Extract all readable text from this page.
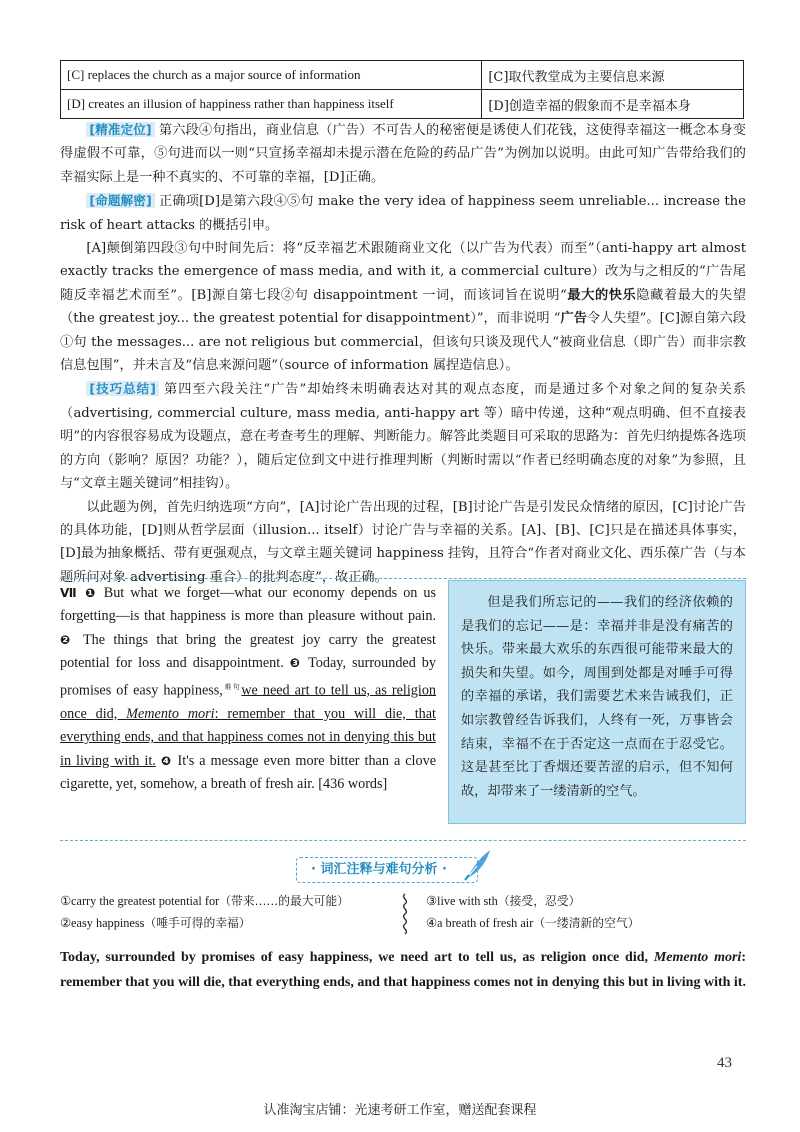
[C] replaces the church as a major source of information	[C]取代教堂成为主要信息来源
[D] creates an illusion of happiness rather than happiness itself	[D]创造幸福的假象而不是幸福本身

[精准定位] 第六段④句指出，商业信息（广告）不可告人的秘密便是诱使人们花钱，这使得幸福这一概念本身变得虚假不可靠，⑤句进而以一则“只宣扬幸福却未提示潜在危险的药品广告”为例加以说明。由此可知广告带给我们的幸福实际上是一种不真实的、不可靠的幸福，[D]正确。

[命题解密] 正确项[D]是第六段④⑤句 make the very idea of happiness seem unreliable... increase the risk of heart attacks 的概括引申。

[A]颠倒第四段③句中时间先后：将“反幸福艺术跟随商业文化（以广告为代表）而至”（anti-happy art almost exactly tracks the emergence of mass media, and with it, a commercial culture）改为与之相反的“广告尾随反幸福艺术而至”。[B]源自第七段②句 disappointment 一词，而该词旨在说明“最大的快乐隐藏着最大的失望（the greatest joy... the greatest potential for disappointment）”，而非说明 “广告令人失望”。[C]源自第六段①句 the messages... are not religious but commercial，但该句只谈及现代人“被商业信息（即广告）而非宗教信息包围”，并未言及“信息来源问题”（source of information 属捏造信息）。

[技巧总结] 第四至六段关注“广告”却始终未明确表达对其的观点态度，而是通过多个对象之间的复杂关系（advertising, commercial culture, mass media, anti-happy art 等）暗中传递，这种“观点明确、但不直接表明”的内容很容易成为设题点，意在考查考生的理解、判断能力。解答此类题目可采取的思路为：首先归纳提炼各选项的方向（影响？原因？功能？），随后定位到文中进行推理判断（判断时需以“作者已经明确态度的对象”为参照，且与“文章主题关键词”相挂钩）。

以此题为例，首先归纳选项“方向”，[A]讨论广告出现的过程，[B]讨论广告是引发民众情绪的原因，[C]讨论广告的具体功能，[D]则从哲学层面（illusion... itself）讨论广告与幸福的关系。[A]、[B]、[C]只是在描述具体事实，[D]最为抽象概括、带有更强观点，与文章主题关键词 happiness 挂钩，且符合“作者对商业文化、西乐葆广告（与本题所问对象 advertising 重合）的批判态度”，故正确。

Ⅶ ❶ But what we forget—what our economy depends on us forgetting—is that happiness is more than pleasure without pain. ❷ The things that bring the greatest joy carry the greatest potential for loss and disappointment. ❸ Today, surrounded by promises of easy happiness,$^{难句}$we need art to tell us, as religion once did, Memento mori: remember that you will die, that everything ends, and that happiness comes not in denying this but in living with it. ❹ It's a message even more bitter than a clove cigarette, yet, somehow, a breath of fresh air. [436 words]

但是我们所忘记的——我们的经济依赖的是我们的忘记——是：幸福并非是没有痛苦的快乐。带来最大欢乐的东西很可能带来最大的损失和失望。如今，周围到处都是对唾手可得的幸福的承诺，我们需要艺术来告诫我们，正如宗教曾经告诉我们，人终有一死，万事皆会结束，幸福不在于否定这一点而在于忍受它。这是甚至比丁香烟还要苦涩的启示，但不知何故，却带来了一缕清新的空气。

· 词汇注释与难句分析 ·
①carry the greatest potential for（带来……的最大可能）
②easy happiness（唾手可得的幸福）
③live with sth（接受，忍受）
④a breath of fresh air（一缕清新的空气）
Today, surrounded by promises of easy happiness, we need art to tell us, as religion once did, Memento mori: remember that you will die, that everything ends, and that happiness comes not in denying this but in living with it.
43
认准淘宝店铺：光速考研工作室，赠送配套课程
